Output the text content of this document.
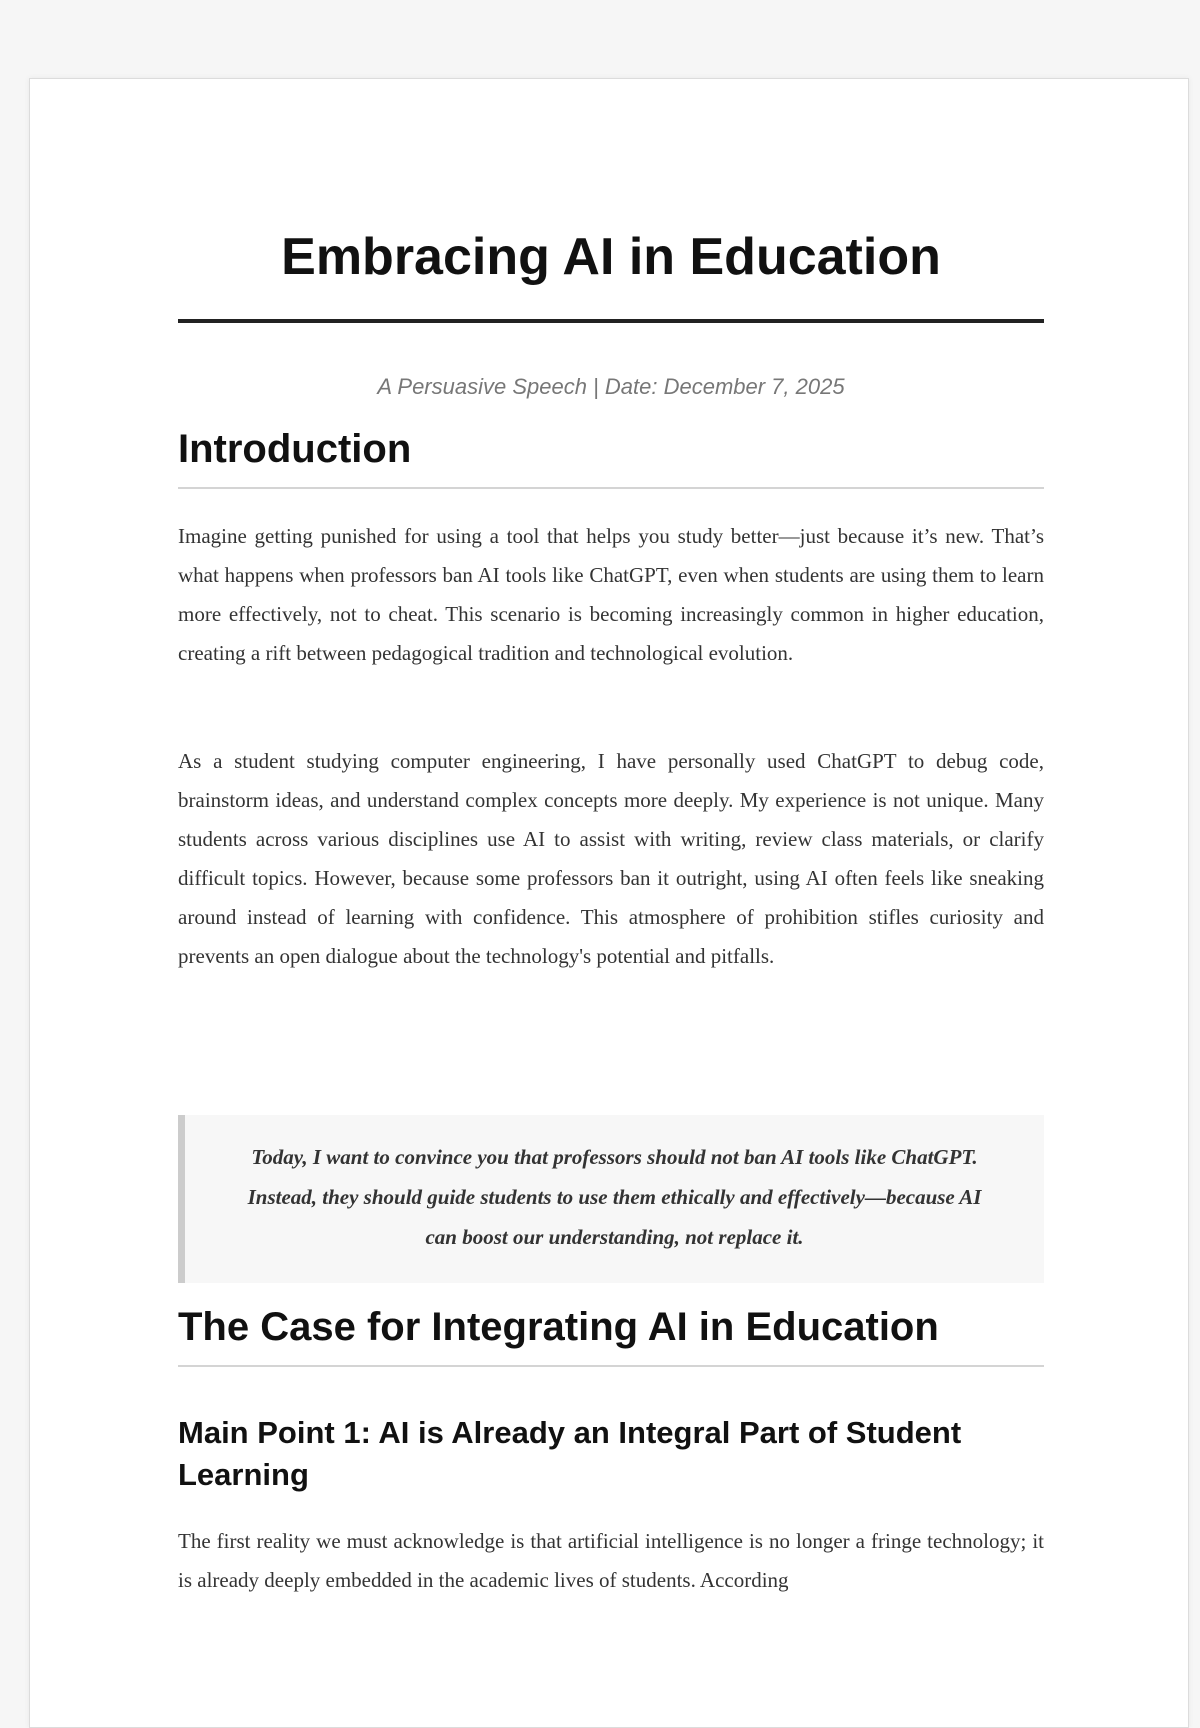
Embracing AI in Education
A Persuasive Speech | Date: December 7, 2025
Introduction

Imagine getting punished for using a tool that helps you study better—just because it’s new. That’s what happens when professors ban AI tools like ChatGPT, even when students are using them to learn more effectively, not to cheat. This scenario is becoming increasingly common in higher education, creating a rift between pedagogical tradition and technological evolution.

As a student studying computer engineering, I have personally used ChatGPT to debug code, brainstorm ideas, and understand complex concepts more deeply. My experience is not unique. Many students across various disciplines use AI to assist with writing, review class materials, or clarify difficult topics. However, because some professors ban it outright, using AI often feels like sneaking around instead of learning with confidence. This atmosphere of prohibition stifles curiosity and prevents an open dialogue about the technology's potential and pitfalls.

Today, I want to convince you that professors should not ban AI tools like ChatGPT. Instead, they should guide students to use them ethically and effectively—because AI can boost our understanding, not replace it.

The Case for Integrating AI in Education
Main Point 1: AI is Already an Integral Part of Student Learning

The first reality we must acknowledge is that artificial intelligence is no longer a fringe technology; it is already deeply embedded in the academic lives of students. According
